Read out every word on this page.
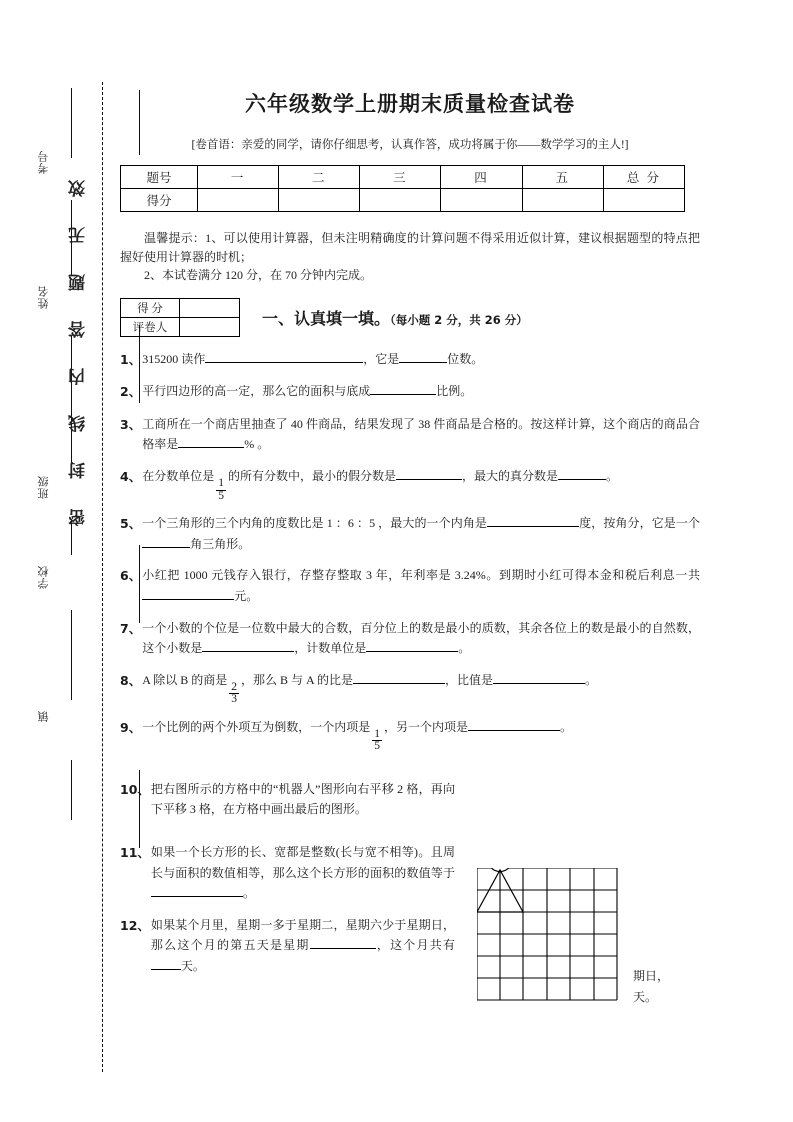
考号
姓名
班级
学校
镇
密封线内答题无效
六年级数学上册期末质量检查试卷
[卷首语：亲爱的同学，请你仔细思考，认真作答，成功将属于你——数学学习的主人!]
题号	一	二	三	四	五	总 分
得分						

温馨提示：1、可以使用计算器，但未注明精确度的计算问题不得采用近似计算，建议根据题型的特点把握好使用计算器的时机；

2、本试卷满分 120 分，在 70 分钟内完成。

得 分	
评卷人		一、认真填一填。（每小题 2 分，共 26 分）
1、 315200 读作	，它是	位数。
2、 平行四边形的高一定，那么它的面积与底成	比例。
3、 工商所在一个商店里抽查了 40 件商品，结果发现了 38 件商品是合格的。按这样计算，这个商店的商品合格率是	% 。
4、 在分数单位是
$\frac{1}{5}$
的所有分数中，最小的假分数是	，最大的真分数是	。
5、 一个三角形的三个内角的度数比是 1 ：6 ：5 ，最大的一个内角是	度，按角分，它是一个角三角形。
6、 小红把 1000 元钱存入银行，存整存整取 3 年，年利率是 3.24%。到期时小红可得本金和税后利息一共元。
7、 一个小数的个位是一位数中最大的合数，百分位上的数是最小的质数，其余各位上的数是最小的自然数，这个小数是	，计数单位是	。
8、 A 除以 B 的商是
$\frac{2}{3}$
，那么 B 与 A 的比是	，比值是	。
9、 一个比例的两个外项互为倒数，一个内项是
$\frac{1}{5}$
，另一个内项是	。
10、 把右图所示的方格中的“机器人”图形向右平移 2 格，再向下平移 3 格，在方格中画出最后的图形。
11、 如果一个长方形的长、宽都是整数(长与宽不相等)。且周长与面积的数值相等，那么这个长方形的面积的数值等于。
12、 如果某个月里，星期一多于星期二，星期六少于星期日，那么这个月的第五天是星期	，这个月共有天。
期日，
天。
